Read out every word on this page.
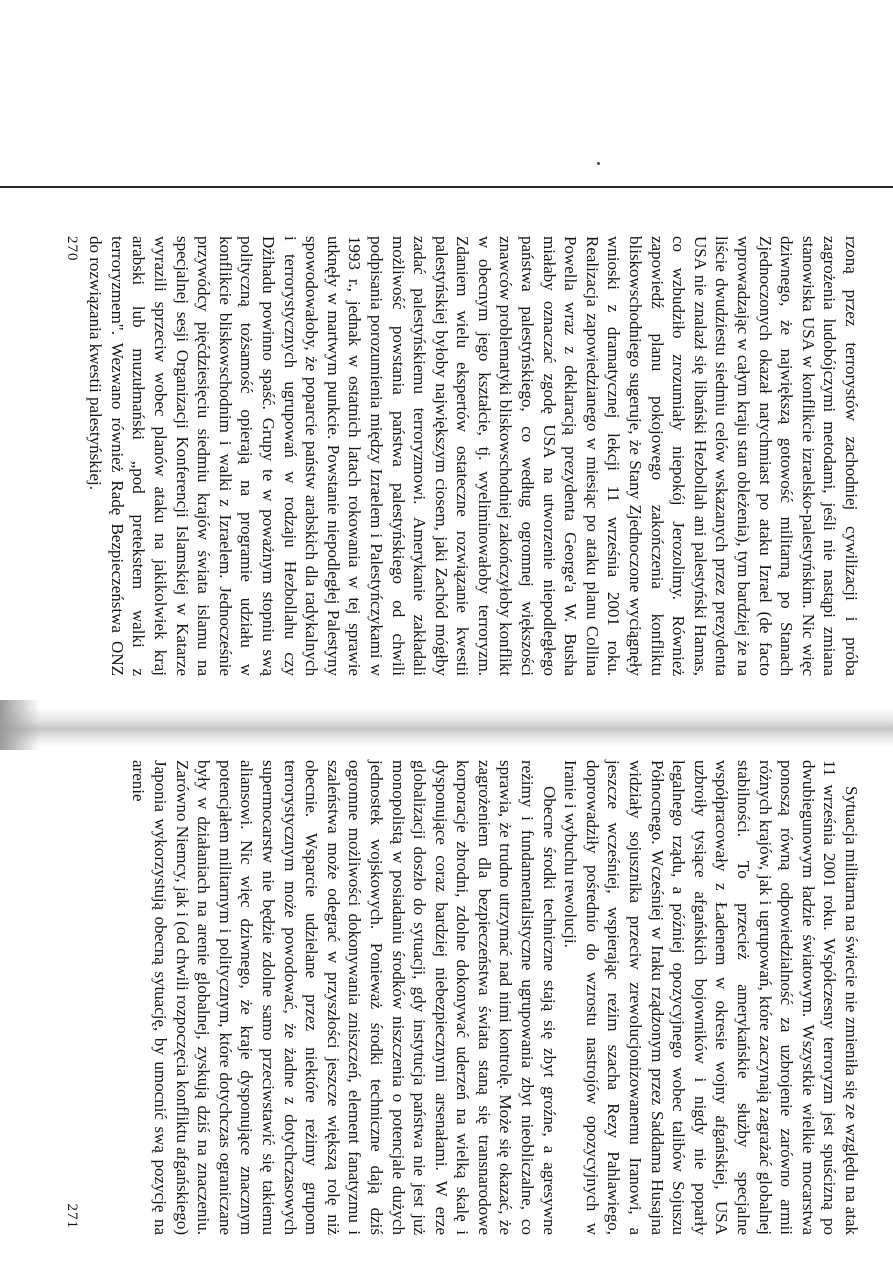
rzoną przez terrorystów zachodniej cywilizacji i próba zagrożenia ludobójczymi metodami, jeśli nie nastąpi zmiana stanowiska USA w konflikcie izraelsko-palestyńskim. Nic więc dziwnego, że największą gotowość militarną po Stanach Zjednoczonych okazał natychmiast po ataku Izrael (de facto wprowadzając w całym kraju stan obleżenia), tym bardziej że na liście dwudziestu siedmiu celów wskazanych przez prezydenta USA nie znalazł się libański Hezbollah ani palestyński Hamas, co wzbudziło zrozumiały niepokój Jerozolimy. Również zapowiedź planu pokojowego zakończenia konfliktu bliskowschodniego sugeruje, że Stany Zjednoczone wyciągnęły wnioski z dramatycznej lekcji 11 września 2001 roku. Realizacja zapowiedzianego w miesiąc po ataku planu Collina Powella wraz z deklaracją prezydenta George'a W. Busha miałaby oznaczać zgodę USA na utworzenie niepodległego państwa palestyńskiego, co według ogromnej większości znawców problematyki bliskowschodniej zakończyłoby konflikt w obecnym jego kształcie, tj. wyeliminowałoby terroryzm. Zdaniem wielu ekspertów ostateczne rozwiązanie kwestii palestyńskiej byłoby największym ciosem, jaki Zachód mógłby zadać palestyńskiemu terroryzmowi. Amerykanie zakładali możliwość powstania państwa palestyńskiego od chwili podpisania porozumienia między Izraelem i Palestyńczykami w 1993 r., jednak w ostatnich latach rokowania w tej sprawie utknęły w martwym punkcie. Powstanie niepodległej Palestyny spowodowałoby, że poparcie państw arabskich dla radykalnych i terrorystycznych ugrupowań w rodzaju Hezbollahu czy Dżihadu powinno spaść. Grupy te w poważnym stopniu swą polityczną tożsamość opierają na programie udziału w konflikcie bliskowschodnim i walki z Izraelem. Jednocześnie przywódcy pięćdziesięciu siedmiu krajów świata islamu na specjalnej sesji Organizacji Konferencji Islamskiej w Katarze wyrazili sprzeciw wobec planów ataku na jakikolwiek kraj arabski lub muzułmański „pod pretekstem walki z terroryzmem". Wezwano również Radę Bezpieczeństwa ONZ do rozwiązania kwestii palestyńskiej.

270

Sytuacja militarna na świecie nie zmieniła się ze względu na atak 11 września 2001 roku. Współczesny terroryzm jest spuścizną po dwubiegunowym ładzie światowym. Wszystkie wielkie mocarstwa ponoszą równą odpowiedzialność za uzbrojenie zarówno armii różnych krajów, jak i ugrupowań, które zaczynają zagrażać globalnej stabilności. To przecież amerykańskie służby specjalne współpracowały z Ładenem w okresie wojny afgańskiej, USA uzbroiły tysiące afgańskich bojowników i nigdy nie poparły legalnego rządu, a później opozycyjnego wobec talibów Sojuszu Północnego. Wcześniej w Iraku rządzonym przez Saddama Husajna widziały sojusznika przeciw zrewolucjonizowanemu Iranowi, a jeszcze wcześniej, wspierając reżim szacha Rezy Pahlawiego, doprowadziły pośrednio do wzrostu nastrojów opozycyjnych w Iranie i wybuchu rewolucji.

Obecne środki techniczne stają się zbyt groźne, a agresywne reżimy i fundamentalistyczne ugrupowania zbyt nieobliczalne, co sprawia, że trudno utrzymać nad nimi kontrolę. Może się okazać, że zagrożeniem dla bezpieczeństwa świata staną się transnarodowe korporacje zbrodni, zdolne dokonywać uderzeń na wielką skalę i dysponujące coraz bardziej niebezpiecznymi arsenałami. W erze globalizacji doszło do sytuacji, gdy instytucja państwa nie jest już monopolistą w posiadaniu środków niszczenia o potencjale dużych jednostek wojskowych. Ponieważ środki techniczne dają dziś ogromne możliwości dokonywania zniszczeń, element fanatyzmu i szaleństwa może odegrać w przyszłości jeszcze większą rolę niż obecnie. Wsparcie udzielane przez niektóre reżimy grupom terrorystycznym może powodować, że żadne z dotychczasowych supermocarstw nie będzie zdolne samo przeciwstawić się takiemu aliansowi. Nic więc dziwnego, że kraje dysponujące znacznym potencjałem militarnym i politycznym, które dotychczas ograniczane były w działaniach na arenie globalnej, zyskują dziś na znaczeniu. Zarówno Niemcy, jak i (od chwili rozpoczęcia konfliktu afgańskiego) Japonia wykorzystują obecną sytuację, by umocnić swą pozycję na arenie

271
